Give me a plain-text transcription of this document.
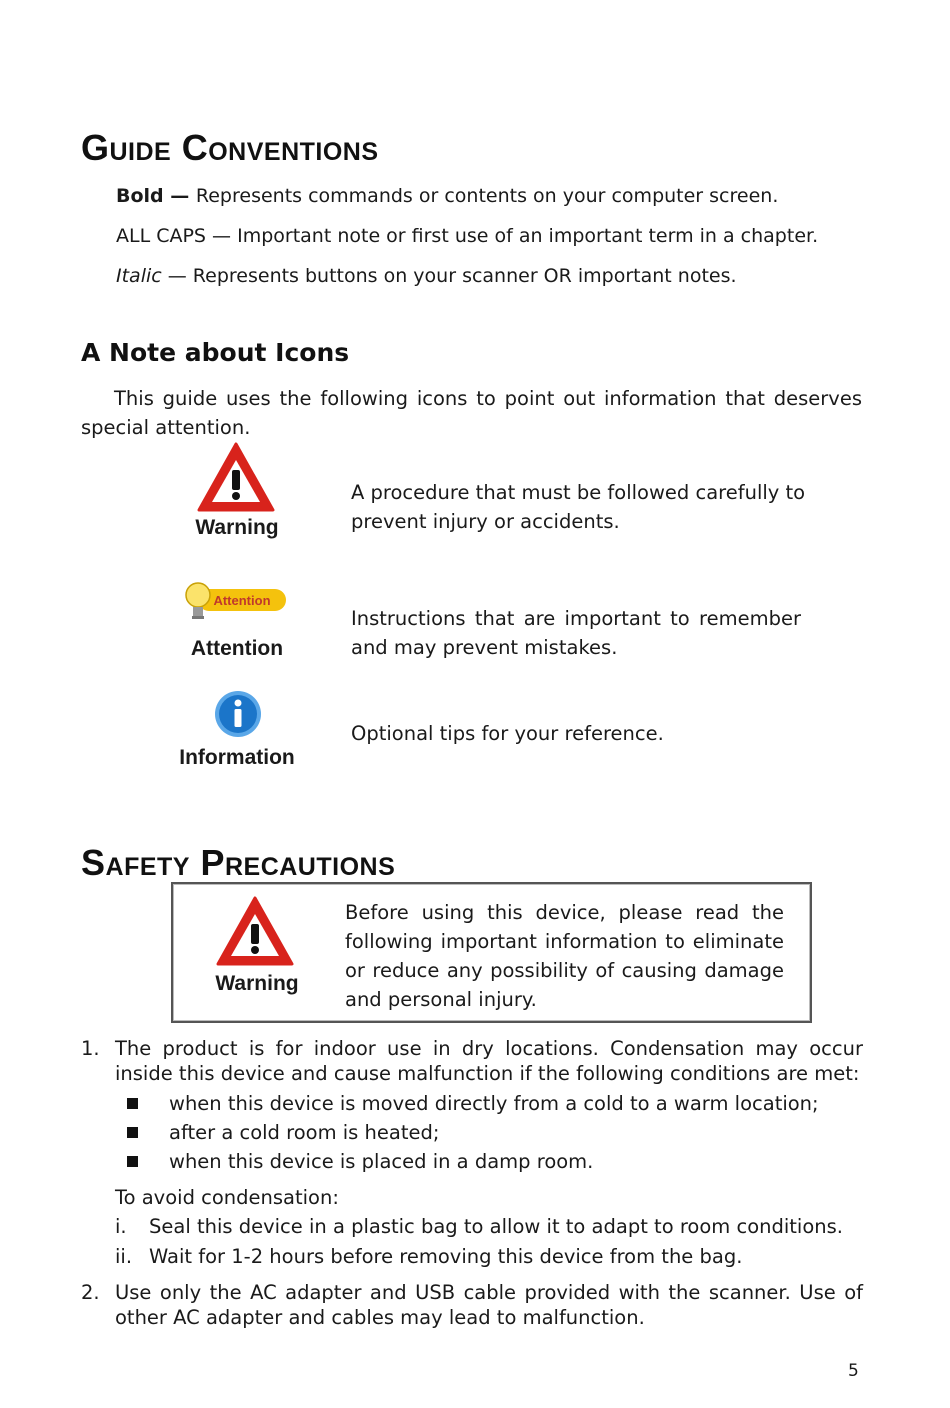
Guide Conventions
Bold — Represents commands or contents on your computer screen.
ALL CAPS — Important note or first use of an important term in a chapter.
Italic — Represents buttons on your scanner OR important notes.
A Note about Icons
This guide uses the following icons to point out information that deserves special attention.
Warning
A procedure that must be followed carefully to prevent injury or accidents.
Attention
Attention
Instructions that are important to remember and may prevent mistakes.
Information
Optional tips for your reference.
Safety Precautions
Warning
Before using this device, please read the following important information to eliminate or reduce any possibility of causing damage and personal injury.
1. The product is for indoor use in dry locations. Condensation may occur inside this device and cause malfunction if the following conditions are met:
when this device is moved directly from a cold to a warm location;
after a cold room is heated;
when this device is placed in a damp room.
To avoid condensation:
i. Seal this device in a plastic bag to allow it to adapt to room conditions.
ii. Wait for 1-2 hours before removing this device from the bag.
2. Use only the AC adapter and USB cable provided with the scanner. Use of other AC adapter and cables may lead to malfunction.
5
